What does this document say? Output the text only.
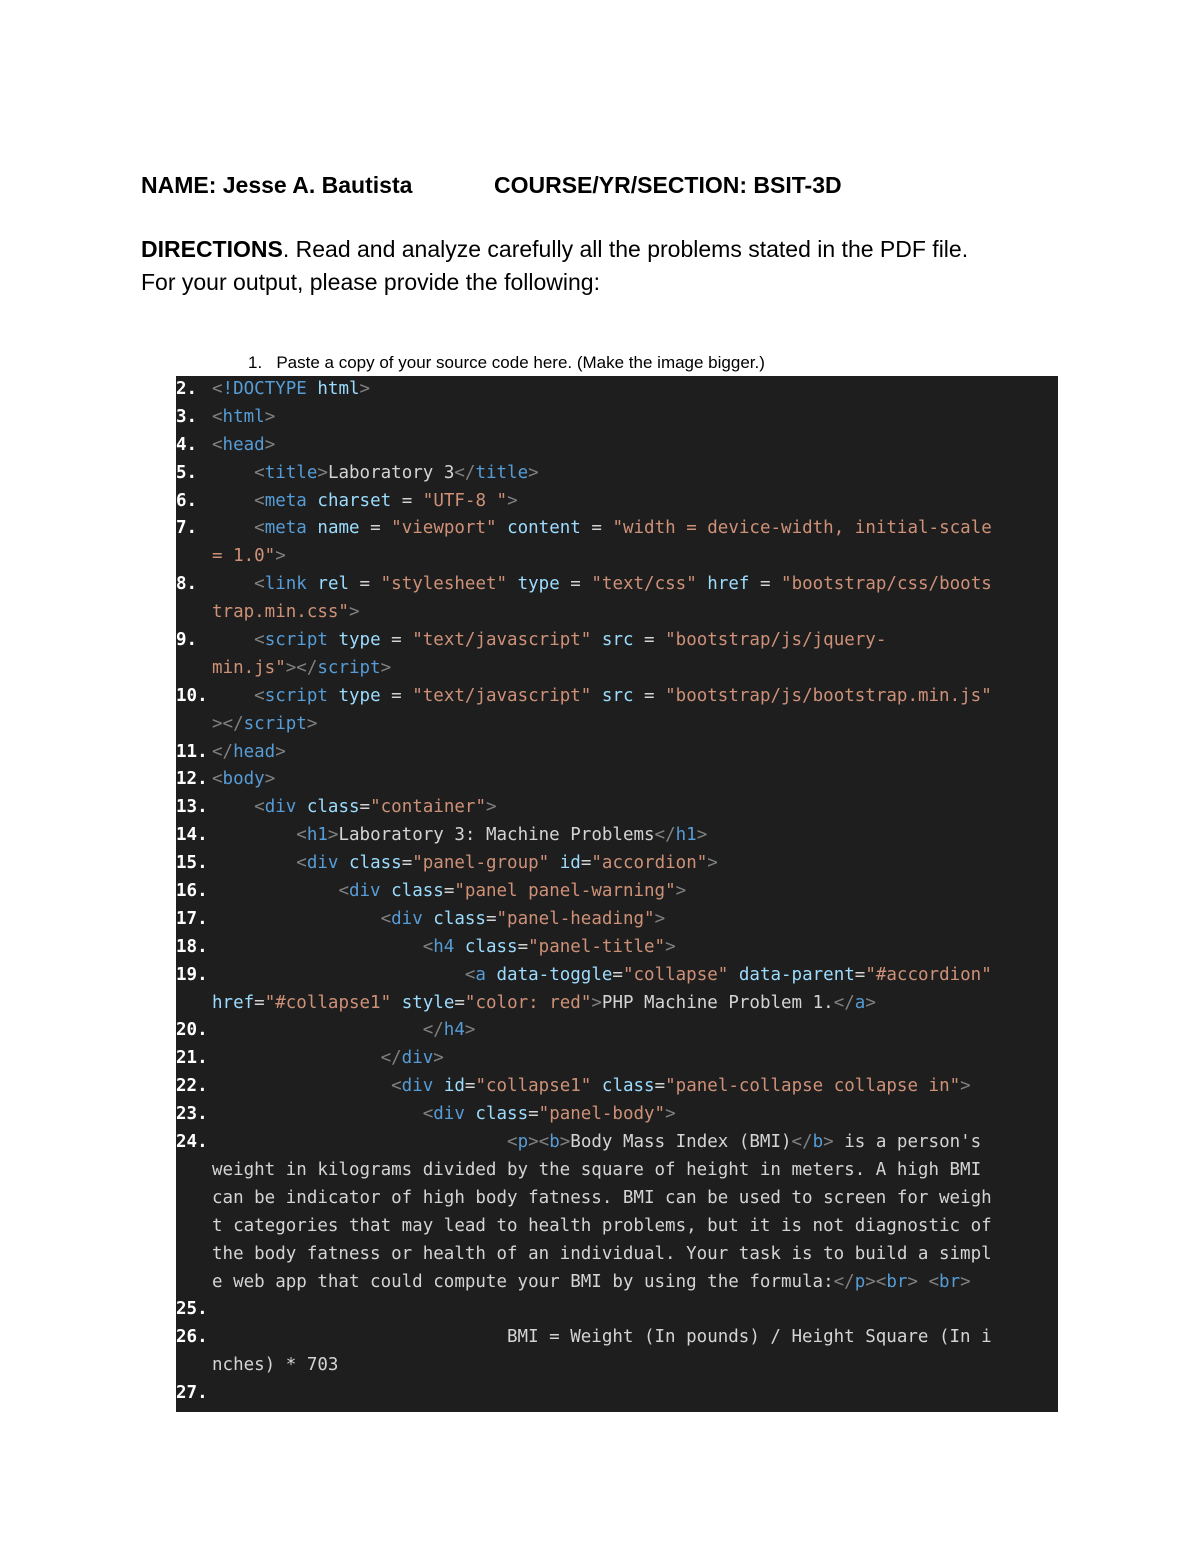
NAME: Jesse A. Bautista

	COURSE/YR/SECTION: BSIT-3D

DIRECTIONS. Read and analyze carefully all the problems stated in the PDF file.
For your output, please provide the following:
1.   Paste a copy of your source code here. (Make the image bigger.)
2. <!DOCTYPE html>
3. <html>
4. <head>
5.	<title>Laboratory 3</title>
6.	<meta charset = "UTF-8 ">
7.	<meta name = "viewport" content = "width = device-width, initial-scale
= 1.0">
8.	<link rel = "stylesheet" type = "text/css" href = "bootstrap/css/boots
trap.min.css">
9.	<script type = "text/javascript" src = "bootstrap/js/jquery-
min.js"></script>
10.	<script type = "text/javascript" src = "bootstrap/js/bootstrap.min.js"
></script>
11. </head>
12. <body>
13.	<div class="container">
14.	<h1>Laboratory 3: Machine Problems</h1>
15.	<div class="panel-group" id="accordion">
16.	<div class="panel panel-warning">
17.	<div class="panel-heading">
18.	<h4 class="panel-title">
19.	<a data-toggle="collapse" data-parent="#accordion"
href="#collapse1" style="color: red">PHP Machine Problem 1.</a>
20.	</h4>
21.	</div>
22.	<div id="collapse1" class="panel-collapse collapse in">
23.	<div class="panel-body">
24.	<p><b>Body Mass Index (BMI)</b> is a person's
weight in kilograms divided by the square of height in meters. A high BMI
can be indicator of high body fatness. BMI can be used to screen for weigh
t categories that may lead to health problems, but it is not diagnostic of
the body fatness or health of an individual. Your task is to build a simpl
e web app that could compute your BMI by using the formula:</p><br> <br>
25.
26.	BMI = Weight (In pounds) / Height Square (In i
nches) * 703
27.
